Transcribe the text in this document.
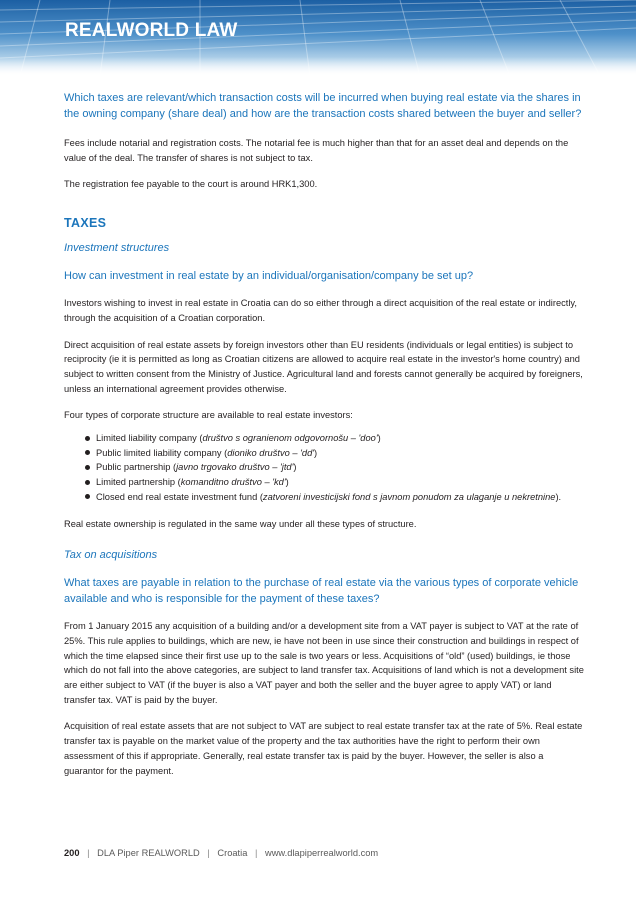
REALWORLD LAW

Which taxes are relevant/which transaction costs will be incurred when buying real estate via the shares in the owning company (share deal) and how are the transaction costs shared between the buyer and seller?

Fees include notarial and registration costs. The notarial fee is much higher than that for an asset deal and depends on the value of the deal. The transfer of shares is not subject to tax.

The registration fee payable to the court is around HRK1,300.

TAXES

Investment structures

How can investment in real estate by an individual/organisation/company be set up?

Investors wishing to invest in real estate in Croatia can do so either through a direct acquisition of the real estate or indirectly, through the acquisition of a Croatian corporation.

Direct acquisition of real estate assets by foreign investors other than EU residents (individuals or legal entities) is subject to reciprocity (ie it is permitted as long as Croatian citizens are allowed to acquire real estate in the investor's home country) and subject to written consent from the Ministry of Justice. Agricultural land and forests cannot generally be acquired by foreigners, unless an international agreement provides otherwise.

Four types of corporate structure are available to real estate investors:

Limited liability company (društvo s ogranienom odgovornošu – 'doo')
Public limited liability company (dioniko društvo – 'dd')
Public partnership (javno trgovako društvo – 'jtd')
Limited partnership (komanditno društvo – 'kd')
Closed end real estate investment fund (zatvoreni investicijski fond s javnom ponudom za ulaganje u nekretnine).

Real estate ownership is regulated in the same way under all these types of structure.

Tax on acquisitions

What taxes are payable in relation to the purchase of real estate via the various types of corporate vehicle available and who is responsible for the payment of these taxes?

From 1 January 2015 any acquisition of a building and/or a development site from a VAT payer is subject to VAT at the rate of 25%. This rule applies to buildings, which are new, ie have not been in use since their construction and buildings in respect of which the time elapsed since their first use up to the sale is two years or less. Acquisitions of “old” (used) buildings, ie those which do not fall into the above categories, are subject to land transfer tax. Acquisitions of land which is not a development site are either subject to VAT (if the buyer is also a VAT payer and both the seller and the buyer agree to apply VAT) or land transfer tax. VAT is paid by the buyer.

Acquisition of real estate assets that are not subject to VAT are subject to real estate transfer tax at the rate of 5%. Real estate transfer tax is payable on the market value of the property and the tax authorities have the right to perform their own assessment of this if appropriate. Generally, real estate transfer tax is paid by the buyer. However, the seller is also a guarantor for the payment.

200 | DLA Piper REALWORLD | Croatia | www.dlapiperrealworld.com
